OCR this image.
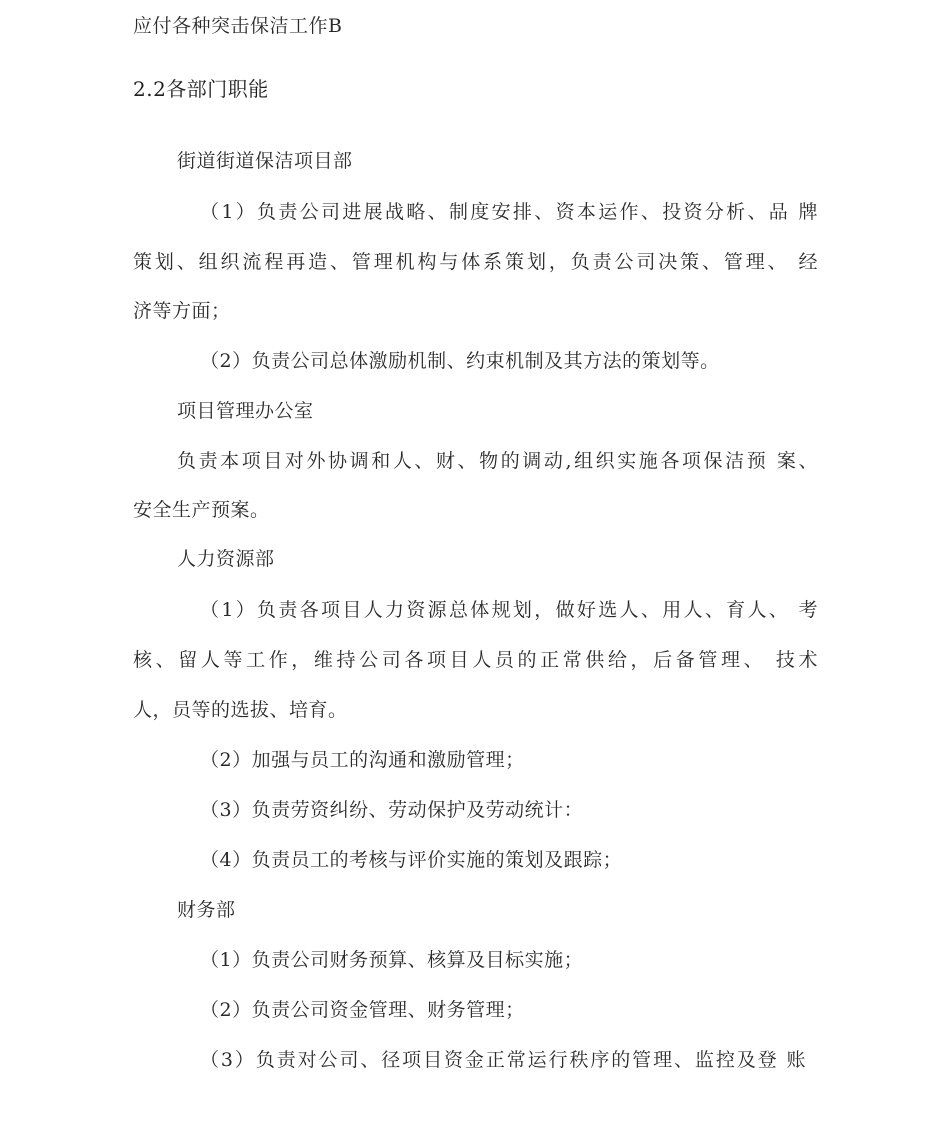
应付各种突击保洁工作B
2.2各部门职能
街道街道保洁项目部
（1）负责公司进展战略、制度安排、资本运作、投资分析、品 牌
策划、组织流程再造、管理机构与体系策划，负责公司决策、管理、 经
济等方面；
（2）负责公司总体激励机制、约束机制及其方法的策划等。
项目管理办公室
负责本项目对外协调和人、财、物的调动,组织实施各项保洁预 案、
安全生产预案。
人力资源部
（1）负责各项目人力资源总体规划，做好选人、用人、育人、 考
核、留人等工作，维持公司各项目人员的正常供给，后备管理、 技术
人，员等的选拔、培育。
（2）加强与员工的沟通和激励管理；
（3）负责劳资纠纷、劳动保护及劳动统计：
（4）负责员工的考核与评价实施的策划及跟踪；
财务部
（1）负责公司财务预算、核算及目标实施；
（2）负责公司资金管理、财务管理；
（3）负责对公司、径项目资金正常运行秩序的管理、监控及登 账
